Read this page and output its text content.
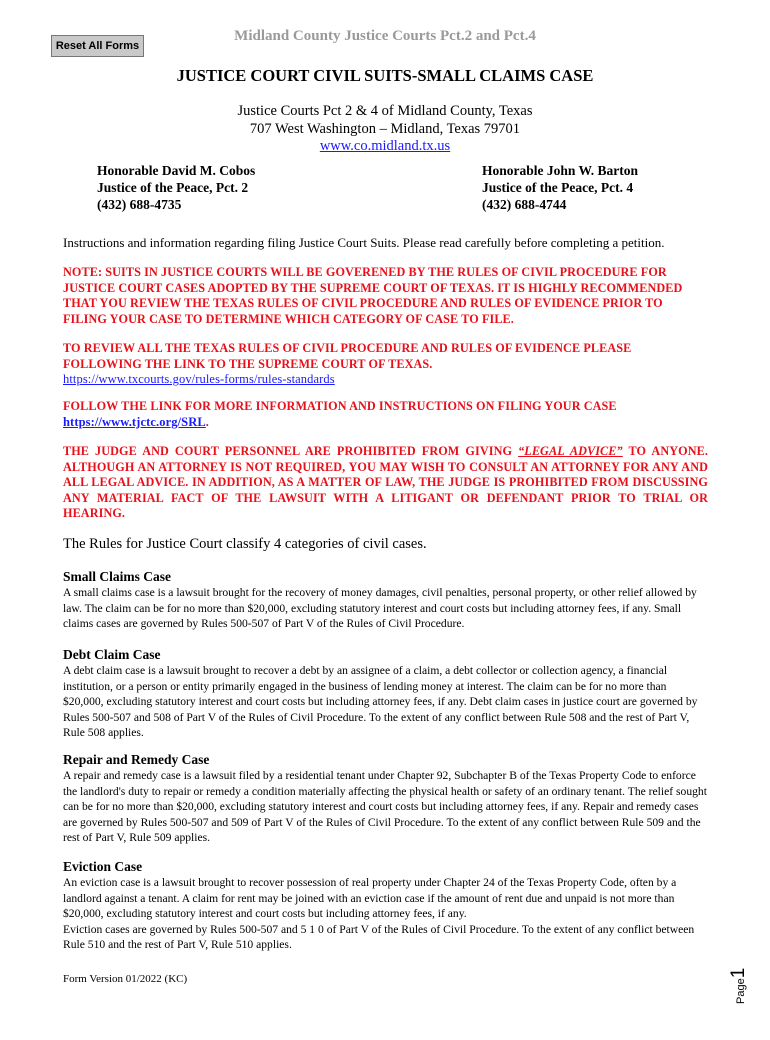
Reset All Forms

Midland County Justice Courts Pct.2 and Pct.4

JUSTICE COURT CIVIL SUITS-SMALL CLAIMS CASE

Justice Courts Pct 2 & 4 of Midland County, Texas

707 West Washington – Midland, Texas 79701

www.co.midland.tx.us

Honorable David M. Cobos
Justice of the Peace, Pct. 2
(432) 688-4735
Honorable John W. Barton
Justice of the Peace, Pct. 4
(432) 688-4744

Instructions and information regarding filing Justice Court Suits. Please read carefully before completing a petition.

NOTE: SUITS IN JUSTICE COURTS WILL BE GOVERENED BY THE RULES OF CIVIL PROCEDURE FOR JUSTICE COURT CASES ADOPTED BY THE SUPREME COURT OF TEXAS. IT IS HIGHLY RECOMMENDED THAT YOU REVIEW THE TEXAS RULES OF CIVIL PROCEDURE AND RULES OF EVIDENCE PRIOR TO FILING YOUR CASE TO DETERMINE WHICH CATEGORY OF CASE TO FILE.

TO REVIEW ALL THE TEXAS RULES OF CIVIL PROCEDURE AND RULES OF EVIDENCE PLEASE FOLLOWING THE LINK TO THE SUPREME COURT OF TEXAS.
https://www.txcourts.gov/rules-forms/rules-standards
FOLLOW THE LINK FOR MORE INFORMATION AND INSTRUCTIONS ON FILING YOUR CASE
https://www.tjctc.org/SRL.

THE JUDGE AND COURT PERSONNEL ARE PROHIBITED FROM GIVING “LEGAL ADVICE” TO ANYONE. ALTHOUGH AN ATTORNEY IS NOT REQUIRED, YOU MAY WISH TO CONSULT AN ATTORNEY FOR ANY AND ALL LEGAL ADVICE. IN ADDITION, AS A MATTER OF LAW, THE JUDGE IS PROHIBITED FROM DISCUSSING ANY MATERIAL FACT OF THE LAWSUIT WITH A LITIGANT OR DEFENDANT PRIOR TO TRIAL OR HEARING.

The Rules for Justice Court classify 4 categories of civil cases.

Small Claims Case

A small claims case is a lawsuit brought for the recovery of money damages, civil penalties, personal property, or other relief allowed by law. The claim can be for no more than $20,000, excluding statutory interest and court costs but including attorney fees, if any. Small claims cases are governed by Rules 500-507 of Part V of the Rules of Civil Procedure.

Debt Claim Case

A debt claim case is a lawsuit brought to recover a debt by an assignee of a claim, a debt collector or collection agency, a financial institution, or a person or entity primarily engaged in the business of lending money at interest. The claim can be for no more than $20,000, excluding statutory interest and court costs but including attorney fees, if any. Debt claim cases in justice court are governed by Rules 500-507 and 508 of Part V of the Rules of Civil Procedure. To the extent of any conflict between Rule 508 and the rest of Part V, Rule 508 applies.

Repair and Remedy Case

A repair and remedy case is a lawsuit filed by a residential tenant under Chapter 92, Subchapter B of the Texas Property Code to enforce the landlord's duty to repair or remedy a condition materially affecting the physical health or safety of an ordinary tenant. The relief sought can be for no more than $20,000, excluding statutory interest and court costs but including attorney fees, if any. Repair and remedy cases are governed by Rules 500-507 and 509 of Part V of the Rules of Civil Procedure. To the extent of any conflict between Rule 509 and the rest of Part V, Rule 509 applies.

Eviction Case

An eviction case is a lawsuit brought to recover possession of real property under Chapter 24 of the Texas Property Code, often by a landlord against a tenant. A claim for rent may be joined with an eviction case if the amount of rent due and unpaid is not more than $20,000, excluding statutory interest and court costs but including attorney fees, if any.

Eviction cases are governed by Rules 500-507 and 5 1 0 of Part V of the Rules of Civil Procedure. To the extent of any conflict between Rule 510 and the rest of Part V, Rule 510 applies.

Form Version 01/2022 (KC)	Page1
